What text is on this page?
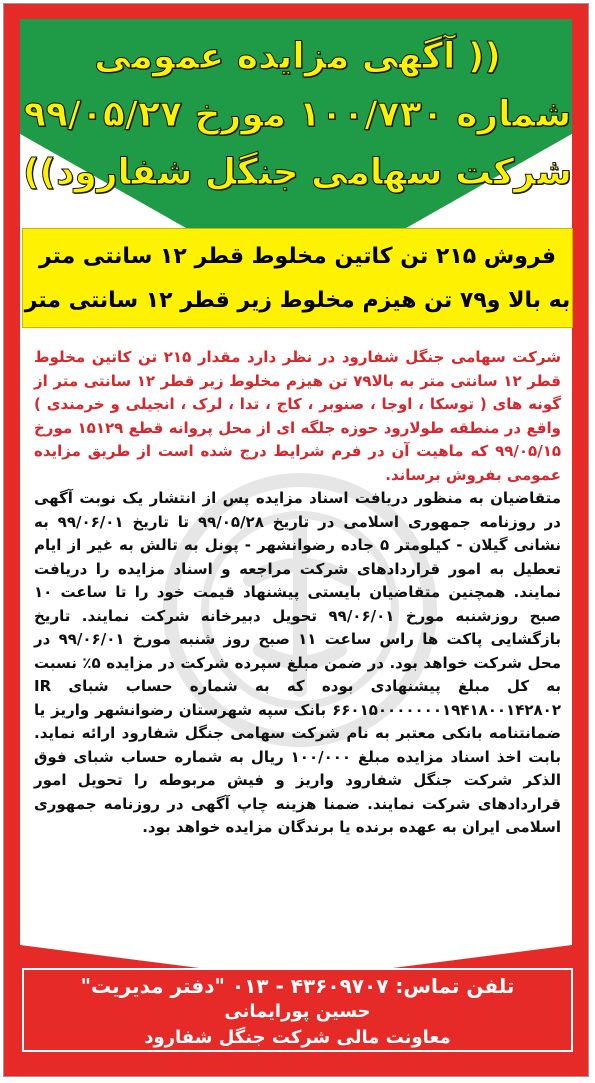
(( آگهی مزایده عمومی
شماره ۱۰۰/۷۳۰ مورخ ۹۹/۰۵/۲۷
شرکت سهامی جنگل شفارود))
فروش ۲۱۵ تن کاتین مخلوط قطر ۱۲ سانتی متر
به بالا و۷۹ تن هیزم مخلوط زیر قطر ۱۲ سانتی متر

شرکت سهامی جنگل شفارود در نظر دارد مقدار ۲۱۵ تن کاتین مخلوط قطر ۱۲ سانتی متر به بالا۷۹ تن هیزم مخلوط زیر قطر ۱۲ سانتی متر از گونه های ( توسکا ، اوجا ، صنوبر ، کاج ، تدا ، لرک ، انجیلی و خرمندی ) واقع در منطقه طولارود حوزه جلگه ای از محل پروانه قطع ۱۵۱۲۹ مورخ ۹۹/۰۵/۱۵ که ماهیت آن در فرم شرایط درج شده است از طریق مزایده عمومی بفروش برساند.

متقاضیان به منظور دریافت اسناد مزایده پس از انتشار یک نوبت آگهی در روزنامه جمهوری اسلامی در تاریخ ۹۹/۰۵/۲۸ تا تاریخ ۹۹/۰۶/۰۱ به نشانی گیلان - کیلومتر ۵ جاده رضوانشهر - پونل به تالش به غیر از ایام تعطیل به امور قراردادهای شرکت مراجعه و اسناد مزایده را دریافت نمایند. همچنین متقاضیان بایستی پیشنهاد قیمت خود را تا ساعت ۱۰ صبح روزشنبه مورخ ۹۹/۰۶/۰۱ تحویل دبیرخانه شرکت نمایند. تاریخ بازگشایی پاکت ها راس ساعت ۱۱ صبح روز شنبه مورخ ۹۹/۰۶/۰۱ در محل شرکت خواهد بود. در ضمن مبلغ سپرده شرکت در مزایده ۵٪ نسبت به کل مبلغ پیشنهادی بوده که به شماره حساب شبای IR ۶۶۰۱۵۰۰۰۰۰۰۰۱۹۴۱۸۰۰۱۴۲۸۰۲ بانک سپه شهرستان رضوانشهر واریز یا ضمانتنامه بانکی معتبر به نام شرکت سهامی جنگل شفارود ارائه نماید. بابت اخذ اسناد مزایده مبلغ ۱۰۰/۰۰۰ ریال به شماره حساب شبای فوق الذکر شرکت جنگل شفارود واریز و فیش مربوطه را تحویل امور قراردادهای شرکت نمایند. ضمنا هزینه چاپ آگهی در روزنامه جمهوری اسلامی ایران به عهده برنده یا برندگان مزایده خواهد بود.

تلفن تماس: ۴۳۶۰۹۷۰۷ - ۰۱۳ "دفتر مدیریت"
حسین پورایمانی
معاونت مالی شرکت جنگل شفارود
